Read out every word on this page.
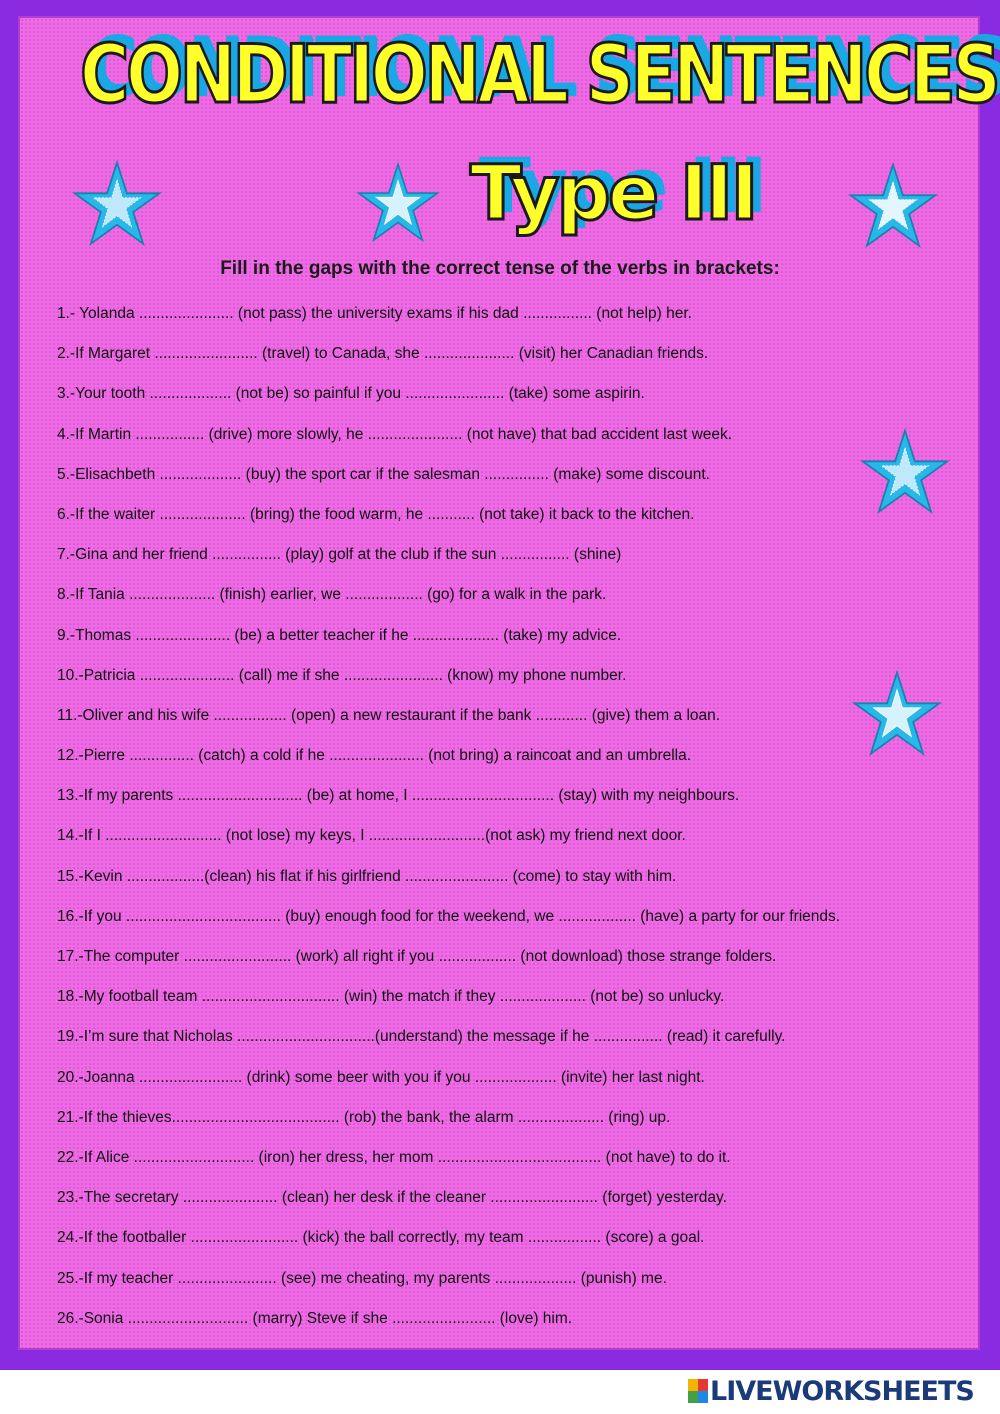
CONDITIONAL SENTENCES
Type III
Fill in the gaps with the correct tense of the verbs in brackets:
1.- Yolanda ...................... (not pass) the university exams if his dad ................ (not help) her.
2.-If Margaret ........................ (travel) to Canada, she ..................... (visit) her Canadian friends.
3.-Your tooth ................... (not be) so painful if you ....................... (take) some aspirin.
4.-If Martin ................ (drive) more slowly, he ...................... (not have) that bad accident last week.
5.-Elisachbeth ................... (buy) the sport car if the salesman ............... (make) some discount.
6.-If the waiter .................... (bring) the food warm, he ........... (not take) it back to the kitchen.
7.-Gina and her friend ................ (play) golf at the club if the sun ................ (shine)
8.-If Tania .................... (finish) earlier, we .................. (go) for a walk in the park.
9.-Thomas ...................... (be) a better teacher if he .................... (take) my advice.
10.-Patricia ...................... (call) me if she ....................... (know) my phone number.
11.-Oliver and his wife ................. (open) a new restaurant if the bank ............ (give) them a loan.
12.-Pierre ............... (catch) a cold if he ...................... (not bring) a raincoat and an umbrella.
13.-If my parents ............................. (be) at home, I ................................. (stay) with my neighbours.
14.-If I ........................... (not lose) my keys, I ...........................(not ask) my friend next door.
15.-Kevin ..................(clean) his flat if his girlfriend ........................ (come) to stay with him.
16.-If you .................................... (buy) enough food for the weekend, we .................. (have) a party for our friends.
17.-The computer ......................... (work) all right if you .................. (not download) those strange folders.
18.-My football team ................................ (win) the match if they .................... (not be) so unlucky.
19.-I’m sure that Nicholas ................................(understand) the message if he ................ (read) it carefully.
20.-Joanna ........................ (drink) some beer with you if you ................... (invite) her last night.
21.-If the thieves....................................... (rob) the bank, the alarm .................... (ring) up.
22.-If Alice ............................ (iron) her dress, her mom ...................................... (not have) to do it.
23.-The secretary ...................... (clean) her desk if the cleaner ......................... (forget) yesterday.
24.-If the footballer ......................... (kick) the ball correctly, my team ................. (score) a goal.
25.-If my teacher ....................... (see) me cheating, my parents ................... (punish) me.
26.-Sonia ............................ (marry) Steve if she ........................ (love) him.
LIVEWORKSHEETS
